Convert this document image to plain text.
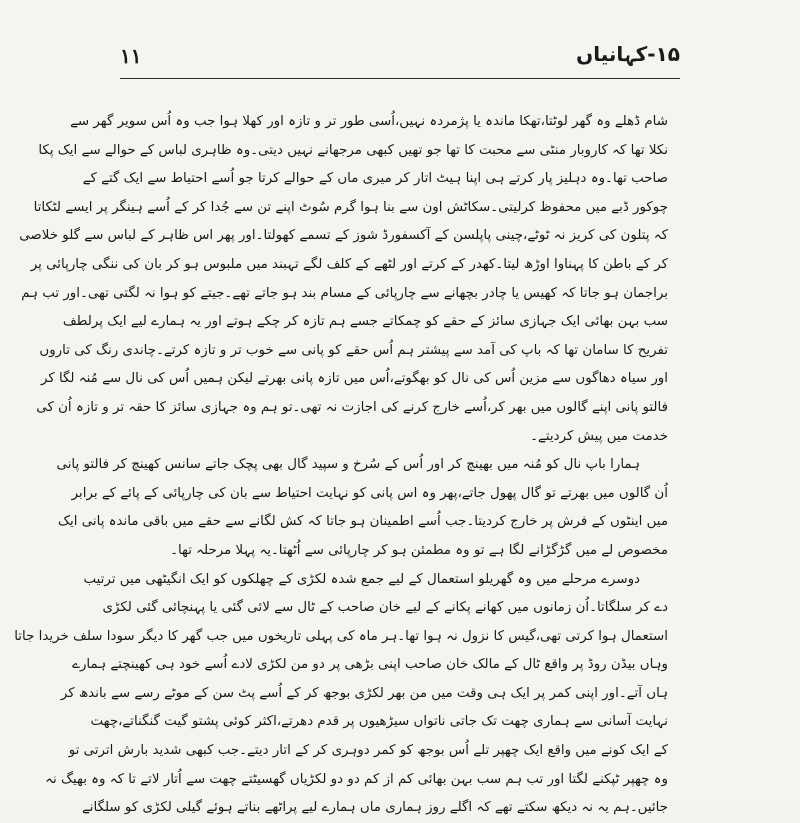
۱۱	۱۵-کہانیاں

شام ڈھلے وہ گھر لوٹتا،تھکا ماندہ یا پژمردہ نہیں،اُسی طور تر و تازہ اور کھلا ہوا جب وہ اُس سویر گھر سے
نکلا تھا کہ کاروبار منٹی سے محبت کا تھا جو تھیں کبھی مرجھانے نہیں دیتی۔وہ ظاہری لباس کے حوالے سے ایک پکا
صاحب تھا۔وہ دہلیز پار کرتے ہی اپنا ہیٹ اتار کر میری ماں کے حوالے کرتا جو اُسے احتیاط سے ایک گتے کے
چوکور ڈبے میں محفوظ کرلیتی۔سکاٹش اون سے بنا ہوا گرم سُوٹ اپنے تن سے جُدا کر کے اُسے ہینگر پر ایسے لٹکاتا
کہ پتلون کی کریز نہ ٹوٹے،چینی پاپلسن کے آکسفورڈ شوز کے تسمے کھولتا۔اور پھر اس ظاہر کے لباس سے گلو خلاصی
کر کے باطن کا پہناوا اوڑھ لیتا۔کھدر کے کرتے اور لٹھے کے کلف لگے تہبند میں ملبوس ہو کر بان کی ننگی چارپائی پر
براجمان ہو جاتا کہ کھیس یا چادر بچھانے سے چارپائی کے مسام بند ہو جاتے تھے۔جیتے کو ہوا نہ لگتی تھی۔اور تب ہم
سب بہن بھائی ایک جہازی سائز کے حقے کو چمکاتے جسے ہم تازہ کر چکے ہوتے اور یہ ہمارے لیے ایک پرلطف
تفریح کا سامان تھا کہ باپ کی آمد سے پیشتر ہم اُس حقے کو پانی سے خوب تر و تازہ کرتے۔چاندی رنگ کی تاروں
اور سیاہ دھاگوں سے مزین اُس کی نال کو بھگوتے،اُس میں تازہ پانی بھرتے لیکن ہمیں اُس کی نال سے مُنہ لگا کر
فالتو پانی اپنے گالوں میں بھر کر،اُسے خارج کرنے کی اجازت نہ تھی۔تو ہم وہ جہازی سائز کا حقہ تر و تازہ اُن کی
خدمت میں پیش کردیتے۔

ہمارا باپ نال کو مُنہ میں بھینچ کر اور اُس کے سُرخ و سپید گال بھی پچک جاتے سانس کھینچ کر فالتو پانی
اُن گالوں میں بھرتے تو گال پھول جاتے،پھر وہ اس پانی کو نہایت احتیاط سے بان کی چارپائی کے پائے کے برابر
میں اینٹوں کے فرش پر خارج کردیتا۔جب اُسے اطمینان ہو جاتا کہ کش لگانے سے حقے میں باقی ماندہ پانی ایک
مخصوص لے میں گڑگڑانے لگا ہے تو وہ مطمئن ہو کر چارپائی سے اُٹھتا۔یہ پہلا مرحلہ تھا۔

دوسرے مرحلے میں وہ گھریلو استعمال کے لیے جمع شدہ لکڑی کے چھلکوں کو ایک انگیٹھی میں ترتیب
دے کر سلگاتا۔اُن زمانوں میں کھانے پکانے کے لیے خان صاحب کے ٹال سے لائی گئی یا پہنچائی گئی لکڑی
استعمال ہوا کرتی تھی،گیس کا نزول نہ ہوا تھا۔ہر ماہ کی پہلی تاریخوں میں جب گھر کا دیگر سودا سلف خریدا جاتا
وہاں بیڈن روڈ پر واقع ٹال کے مالک خان صاحب اپنی بڑھی پر دو من لکڑی لادے اُسے خود ہی کھینچتے ہمارے
ہاں آتے۔اور اپنی کمر پر ایک ہی وقت میں من بھر لکڑی بوجھ کر کے اُسے پٹ سن کے موٹے رسے سے باندھ کر
نہایت آسانی سے ہماری چھت تک جاتی ناتواں سیڑھیوں پر قدم دھرتے،اکثر کوئی پشتو گیت گنگناتے،چھت
کے ایک کونے میں واقع ایک چھپر تلے اُس بوجھ کو کمر دوہری کر کے اتار دیتے۔جب کبھی شدید بارش اترتی تو
وہ چھپر ٹپکنے لگتا اور تب ہم سب بہن بھائی کم از کم دو دو لکڑیاں گھسیٹتے چھت سے اُتار لاتے تا کہ وہ بھیگ نہ
جائیں۔ہم یہ نہ دیکھ سکتے تھے کہ اگلے روز ہماری ماں ہمارے لیے پراٹھے بناتے ہوئے گیلی لکڑی کو سلگانے
